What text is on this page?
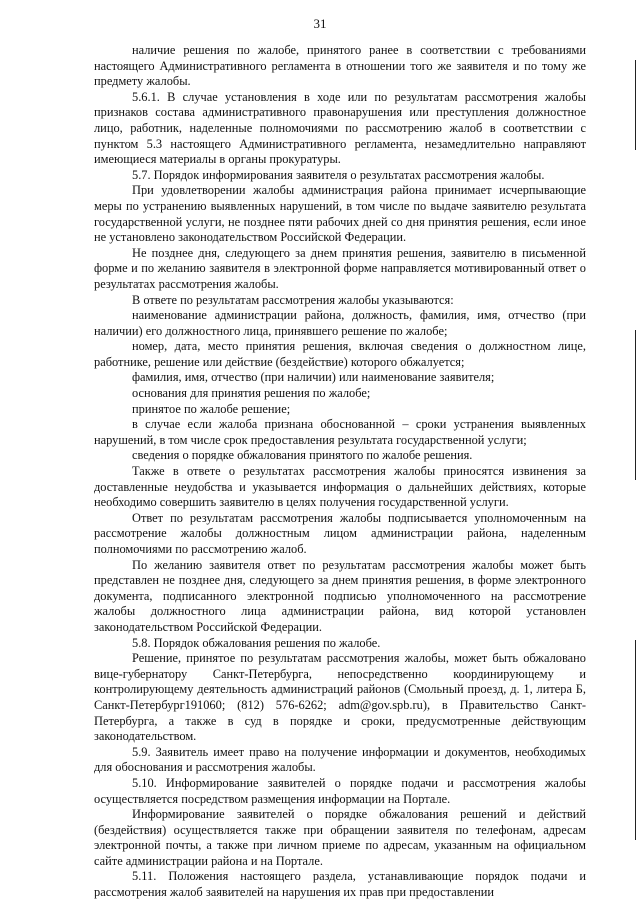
31

наличие решения по жалобе, принятого ранее в соответствии с требованиями настоящего Административного регламента в отношении того же заявителя и по тому же предмету жалобы.

5.6.1. В случае установления в ходе или по результатам рассмотрения жалобы признаков состава административного правонарушения или преступления должностное лицо, работник, наделенные полномочиями по рассмотрению жалоб в соответствии с пунктом 5.3 настоящего Административного регламента, незамедлительно направляют имеющиеся материалы в органы прокуратуры.

5.7. Порядок информирования заявителя о результатах рассмотрения жалобы.

При удовлетворении жалобы администрация района принимает исчерпывающие меры по устранению выявленных нарушений, в том числе по выдаче заявителю результата государственной услуги, не позднее пяти рабочих дней со дня принятия решения, если иное не установлено законодательством Российской Федерации.

Не позднее дня, следующего за днем принятия решения, заявителю в письменной форме и по желанию заявителя в электронной форме направляется мотивированный ответ о результатах рассмотрения жалобы.

В ответе по результатам рассмотрения жалобы указываются:

наименование администрации района, должность, фамилия, имя, отчество (при наличии) его должностного лица, принявшего решение по жалобе;

номер, дата, место принятия решения, включая сведения о должностном лице, работнике, решение или действие (бездействие) которого обжалуется;

фамилия, имя, отчество (при наличии) или наименование заявителя;

основания для принятия решения по жалобе;

принятое по жалобе решение;

в случае если жалоба признана обоснованной – сроки устранения выявленных нарушений, в том числе срок предоставления результата государственной услуги;

сведения о порядке обжалования принятого по жалобе решения.

Также в ответе о результатах рассмотрения жалобы приносятся извинения за доставленные неудобства и указывается информация о дальнейших действиях, которые необходимо совершить заявителю в целях получения государственной услуги.

Ответ по результатам рассмотрения жалобы подписывается уполномоченным на рассмотрение жалобы должностным лицом администрации района, наделенным полномочиями по рассмотрению жалоб.

По желанию заявителя ответ по результатам рассмотрения жалобы может быть представлен не позднее дня, следующего за днем принятия решения, в форме электронного документа, подписанного электронной подписью уполномоченного на рассмотрение жалобы должностного лица администрации района, вид которой установлен законодательством Российской Федерации.

5.8. Порядок обжалования решения по жалобе.

Решение, принятое по результатам рассмотрения жалобы, может быть обжаловано вице-губернатору Санкт-Петербурга, непосредственно координирующему и контролирующему деятельность администраций районов (Смольный проезд, д. 1, литера Б, Санкт-Петербург191060; (812) 576-6262; adm@gov.spb.ru), в Правительство Санкт-Петербурга, а также в суд в порядке и сроки, предусмотренные действующим законодательством.

5.9. Заявитель имеет право на получение информации и документов, необходимых для обоснования и рассмотрения жалобы.

5.10. Информирование заявителей о порядке подачи и рассмотрения жалобы осуществляется посредством размещения информации на Портале.

Информирование заявителей о порядке обжалования решений и действий (бездействия) осуществляется также при обращении заявителя по телефонам, адресам электронной почты, а также при личном приеме по адресам, указанным на официальном сайте администрации района и на Портале.

5.11. Положения настоящего раздела, устанавливающие порядок подачи и рассмотрения жалоб заявителей на нарушения их прав при предоставлении
